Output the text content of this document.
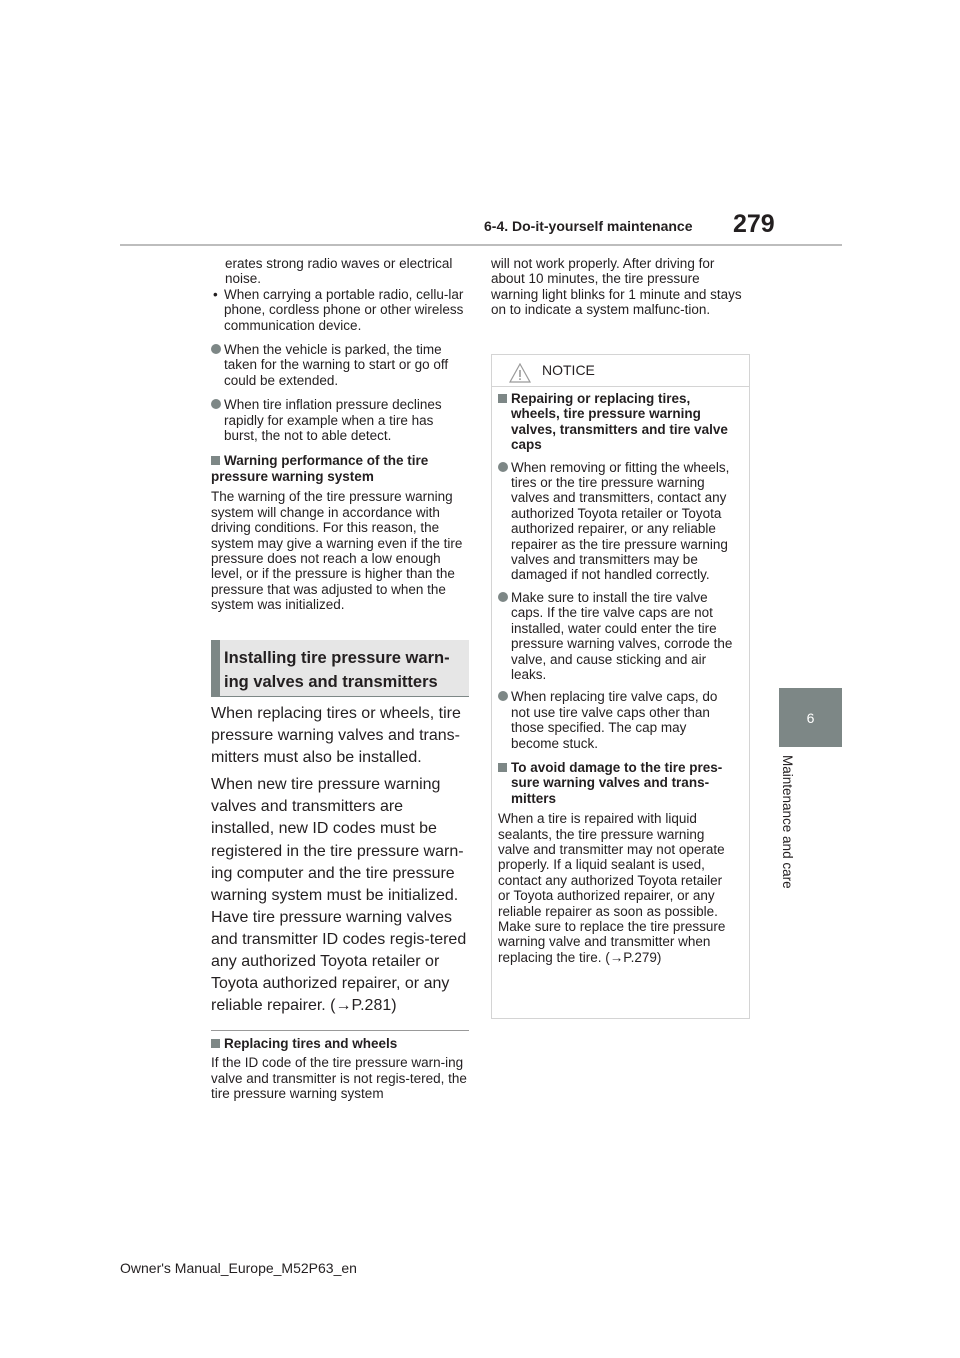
6-4. Do-it-yourself maintenance 279
6
Maintenance and care
erates strong radio waves or electrical noise.
• When carrying a portable radio, cellu-lar phone, cordless phone or other wireless communication device.
When the vehicle is parked, the time taken for the warning to start or go off could be extended.
When tire inflation pressure declines rapidly for example when a tire has burst, the not to able detect.
Warning performance of the tire pressure warning system
The warning of the tire pressure warning system will change in accordance with driving conditions. For this reason, the system may give a warning even if the tire pressure does not reach a low enough level, or if the pressure is higher than the pressure that was adjusted to when the system was initialized.
Installing tire pressure warn-
ing valves and transmitters
When replacing tires or wheels, tire pressure warning valves and trans-mitters must also be installed.
When new tire pressure warning valves and transmitters are installed, new ID codes must be registered in the tire pressure warn-ing computer and the tire pressure warning system must be initialized. Have tire pressure warning valves and transmitter ID codes regis-tered any authorized Toyota retailer or Toyota authorized repairer, or any reliable repairer. (→P.281)
Replacing tires and wheels
If the ID code of the tire pressure warn-ing valve and transmitter is not regis-tered, the tire pressure warning system
will not work properly. After driving for about 10 minutes, the tire pressure warning light blinks for 1 minute and stays on to indicate a system malfunc-tion.
NOTICE
Repairing or replacing tires, wheels, tire pressure warning valves, transmitters and tire valve caps
When removing or fitting the wheels, tires or the tire pressure warning valves and transmitters, contact any authorized Toyota retailer or Toyota authorized repairer, or any reliable repairer as the tire pressure warning valves and transmitters may be damaged if not handled correctly.
Make sure to install the tire valve caps. If the tire valve caps are not installed, water could enter the tire pressure warning valves, corrode the valve, and cause sticking and air leaks.
When replacing tire valve caps, do not use tire valve caps other than those specified. The cap may become stuck.
To avoid damage to the tire pres-sure warning valves and trans-mitters
When a tire is repaired with liquid sealants, the tire pressure warning valve and transmitter may not operate properly. If a liquid sealant is used, contact any authorized Toyota retailer or Toyota authorized repairer, or any reliable repairer as soon as possible. Make sure to replace the tire pressure warning valve and transmitter when replacing the tire. (→P.279)
Owner's Manual_Europe_M52P63_en
